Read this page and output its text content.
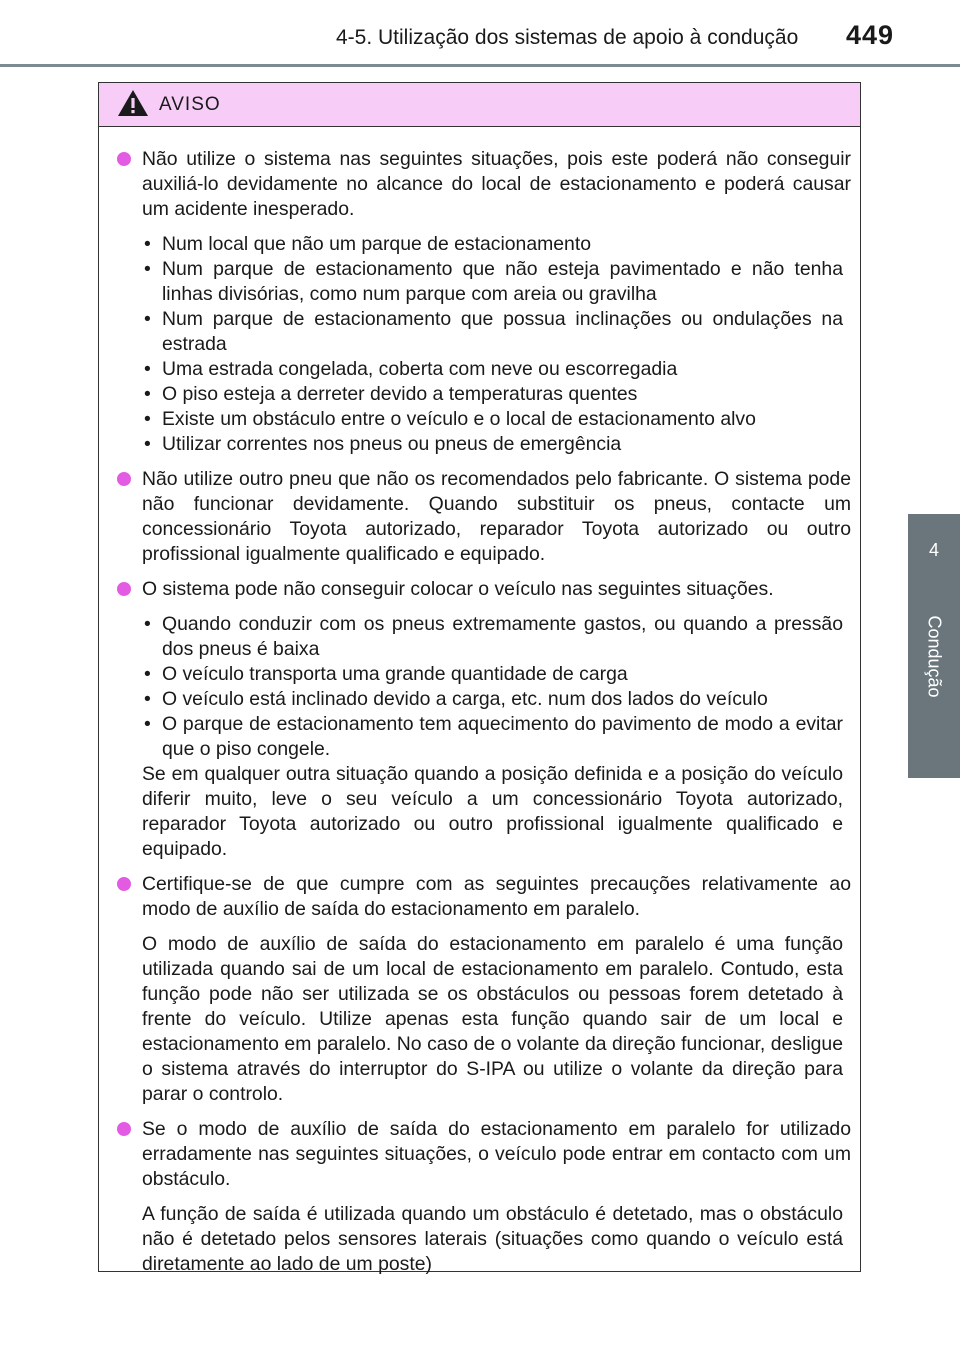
4-5. Utilização dos sistemas de apoio à condução 449
4
Condução
AVISO
Não utilize o sistema nas seguintes situações, pois este poderá não conseguir auxiliá-lo devidamente no alcance do local de estacionamento e poderá causar um acidente inesperado.
• Num local que não um parque de estacionamento
• Num parque de estacionamento que não esteja pavimentado e não tenha linhas divisórias, como num parque com areia ou gravilha
• Num parque de estacionamento que possua inclinações ou ondulações na estrada
• Uma estrada congelada, coberta com neve ou escorregadia
• O piso esteja a derreter devido a temperaturas quentes
• Existe um obstáculo entre o veículo e o local de estacionamento alvo
• Utilizar correntes nos pneus ou pneus de emergência
Não utilize outro pneu que não os recomendados pelo fabricante. O sistema pode não funcionar devidamente. Quando substituir os pneus, contacte um concessionário Toyota autorizado, reparador Toyota autorizado ou outro profissional igualmente qualificado e equipado.
O sistema pode não conseguir colocar o veículo nas seguintes situações.
• Quando conduzir com os pneus extremamente gastos, ou quando a pressão dos pneus é baixa
• O veículo transporta uma grande quantidade de carga
• O veículo está inclinado devido a carga, etc. num dos lados do veículo
• O parque de estacionamento tem aquecimento do pavimento de modo a evitar que o piso congele.
Se em qualquer outra situação quando a posição definida e a posição do veículo diferir muito, leve o seu veículo a um concessionário Toyota autorizado, reparador Toyota autorizado ou outro profissional igualmente qualificado e equipado.
Certifique-se de que cumpre com as seguintes precauções relativamente ao modo de auxílio de saída do estacionamento em paralelo.
O modo de auxílio de saída do estacionamento em paralelo é uma função utilizada quando sai de um local de estacionamento em paralelo. Contudo, esta função pode não ser utilizada se os obstáculos ou pessoas forem detetado à frente do veículo. Utilize apenas esta função quando sair de um local e estacionamento em paralelo. No caso de o volante da direção funcionar, desligue o sistema através do interruptor do S-IPA ou utilize o volante da direção para parar o controlo.
Se o modo de auxílio de saída do estacionamento em paralelo for utilizado erradamente nas seguintes situações, o veículo pode entrar em contacto com um obstáculo.
A função de saída é utilizada quando um obstáculo é detetado, mas o obstáculo não é detetado pelos sensores laterais (situações como quando o veículo está diretamente ao lado de um poste)
